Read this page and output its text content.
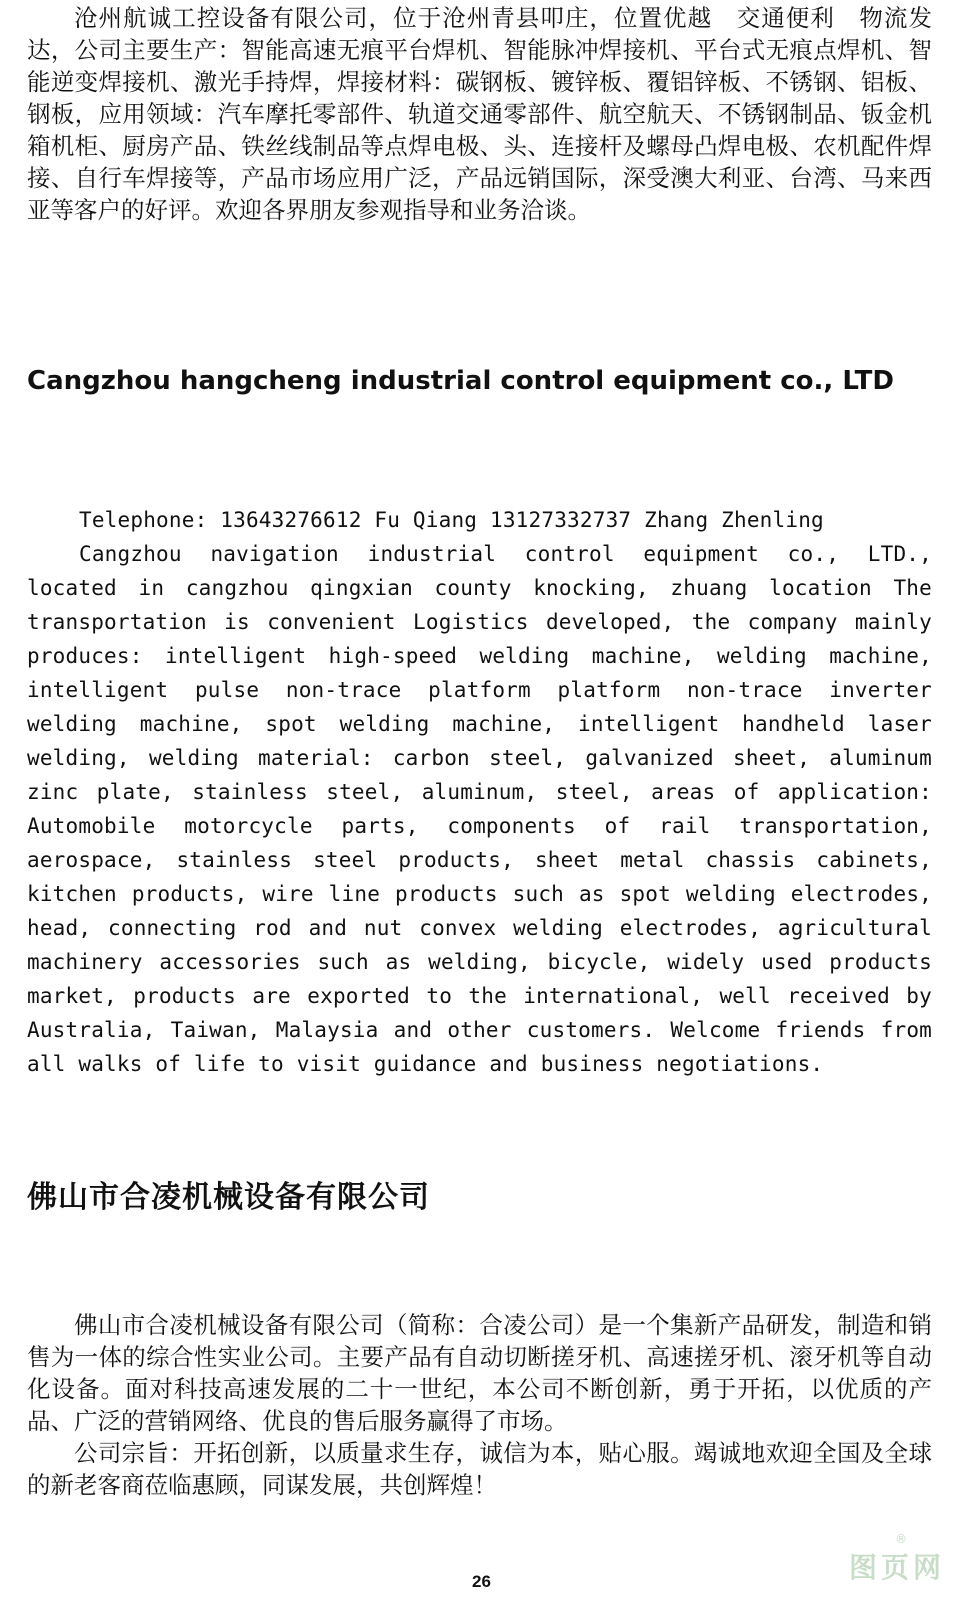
沧州航诚工控设备有限公司，位于沧州青县叩庄，位置优越　交通便利　物流发达，公司主要生产：智能高速无痕平台焊机、智能脉冲焊接机、平台式无痕点焊机、智能逆变焊接机、激光手持焊，焊接材料：碳钢板、镀锌板、覆铝锌板、不锈钢、铝板、钢板，应用领域：汽车摩托零部件、轨道交通零部件、航空航天、不锈钢制品、钣金机箱机柜、厨房产品、铁丝线制品等点焊电极、头、连接杆及螺母凸焊电极、农机配件焊接、自行车焊接等，产品市场应用广泛，产品远销国际，深受澳大利亚、台湾、马来西亚等客户的好评。欢迎各界朋友参观指导和业务洽谈。

Cangzhou hangcheng industrial control equipment co., LTD

Telephone: 13643276612 Fu Qiang 13127332737 Zhang Zhenling

Cangzhou navigation industrial control equipment co., LTD., located in cangzhou qingxian county knocking, zhuang location The transportation is convenient Logistics developed, the company mainly produces: intelligent high-speed welding machine, welding machine, intelligent pulse non-trace platform platform non-trace inverter welding machine, spot welding machine, intelligent handheld laser welding, welding material: carbon steel, galvanized sheet, aluminum zinc plate, stainless steel, aluminum, steel, areas of application: Automobile motorcycle parts, components of rail transportation, aerospace, stainless steel products, sheet metal chassis cabinets, kitchen products, wire line products such as spot welding electrodes, head, connecting rod and nut convex welding electrodes, agricultural machinery accessories such as welding, bicycle, widely used products market, products are exported to the international, well received by Australia, Taiwan, Malaysia and other customers. Welcome friends from all walks of life to visit guidance and business negotiations.

佛山市合凌机械设备有限公司

佛山市合凌机械设备有限公司（简称：合凌公司）是一个集新产品研发，制造和销售为一体的综合性实业公司。主要产品有自动切断搓牙机、高速搓牙机、滚牙机等自动化设备。面对科技高速发展的二十一世纪，本公司不断创新，勇于开拓，以优质的产品、广泛的营销网络、优良的售后服务赢得了市场。

公司宗旨：开拓创新，以质量求生存，诚信为本，贴心服。竭诚地欢迎全国及全球的新老客商莅临惠顾，同谋发展，共创辉煌！

26
®
图页网
